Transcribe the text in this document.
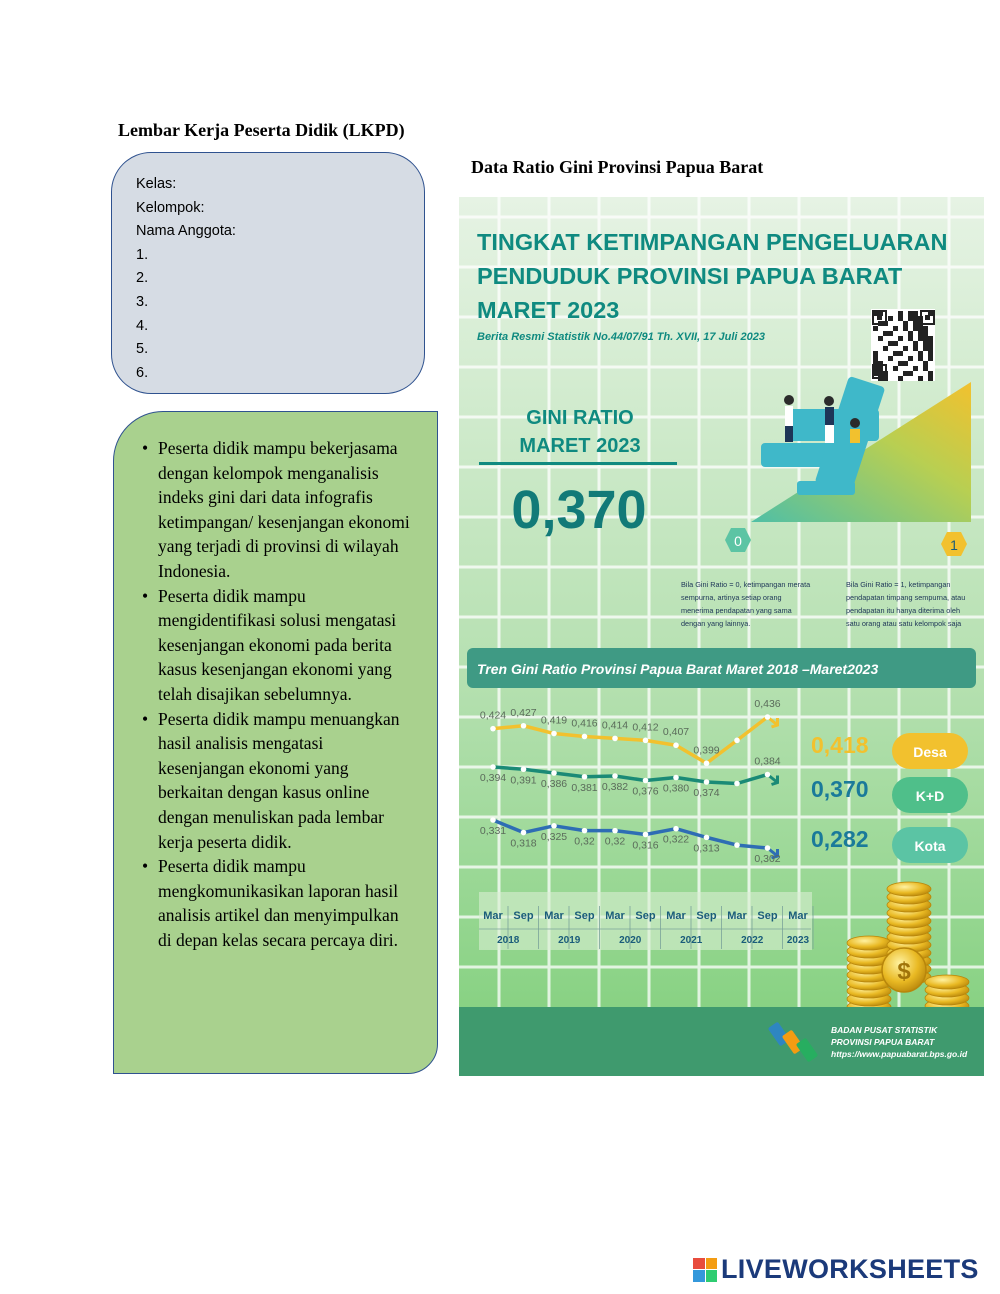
Lembar Kerja Peserta Didik (LKPD)
Kelas:
Kelompok:
Nama Anggota:
1.
2.
3.
4.
5.
6.
• Peserta didik mampu bekerjasama dengan kelompok menganalisis indeks gini dari data infografis ketimpangan/ kesenjangan ekonomi yang terjadi di provinsi di wilayah Indonesia.
• Peserta didik mampu mengidentifikasi solusi mengatasi kesenjangan ekonomi pada berita kasus kesenjangan ekonomi yang telah disajikan sebelumnya.
• Peserta didik mampu menuangkan hasil analisis mengatasi kesenjangan ekonomi yang berkaitan dengan kasus online dengan menuliskan pada lembar kerja peserta didik.
• Peserta didik mampu mengkomunikasikan laporan hasil analisis artikel dan menyimpulkan di depan kelas secara percaya diri.
Data Ratio Gini Provinsi Papua Barat
TINGKAT KETIMPANGAN PENGELUARAN
PENDUDUK PROVINSI PAPUA BARAT
MARET 2023
Berita Resmi Statistik No.44/07/91 Th. XVII, 17 Juli 2023
GINI RATIO
MARET 2023
0,370
0	1
Bila Gini Ratio = 0, ketimpangan merata
sempurna, artinya setiap orang
menerima pendapatan yang sama
dengan yang lainnya.
Bila Gini Ratio = 1, ketimpangan
pendapatan timpang sempurna, atau
pendapatan itu hanya diterima oleh
satu orang atau satu kelompok saja
Tren Gini Ratio Provinsi Papua Barat Maret 2018 –Maret2023
0,424 0,427
0,419 0,416 0,414 0,412 0,407
0,399
0,436
0,418	Desa
0,394 0,391 0,386 0,381 0,382 0,376 0,380 0,374
0,384
0,370	K+D
0,331
0,318
0,325 0,32 0,32 0,316 0,322
0,313
0,302
0,282	Kota
Mar Sep Mar Sep Mar Sep Mar Sep Mar Sep Mar
2018	2019	2020	2021	2022 2023
$
BADAN PUSAT STATISTIK
PROVINSI PAPUA BARAT
https://www.papuabarat.bps.go.id
LIVEWORKSHEETS
